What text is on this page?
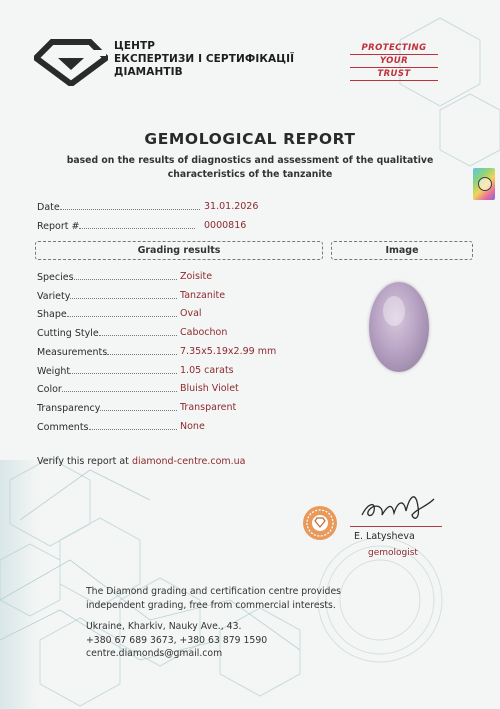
ЦЕНТР
ЕКСПЕРТИЗИ І СЕРТИФІКАЦІЇ
ДІАМАНТІВ
PROTECTING
YOUR
TRUST
GEMOLOGICAL REPORT
based on the results of diagnostics and assessment of the qualitative
characteristics of the tanzanite
Date	31.01.2026
Report #	0000816
Grading results	Image
Species	Zoisite
Variety	Tanzanite
Shape	Oval
Cutting Style	Cabochon
Measurements	7.35x5.19x2.99 mm
Weight	1.05 carats
Color	Bluish Violet
Transparency	Transparent
Comments	None
Verify this report at diamond-centre.com.ua
E. Latysheva
gemologist
The Diamond grading and certification centre provides
independent grading, free from commercial interests.
Ukraine, Kharkiv, Nauky Ave., 43.
+380 67 689 3673, +380 63 879 1590
centre.diamonds@gmail.com
